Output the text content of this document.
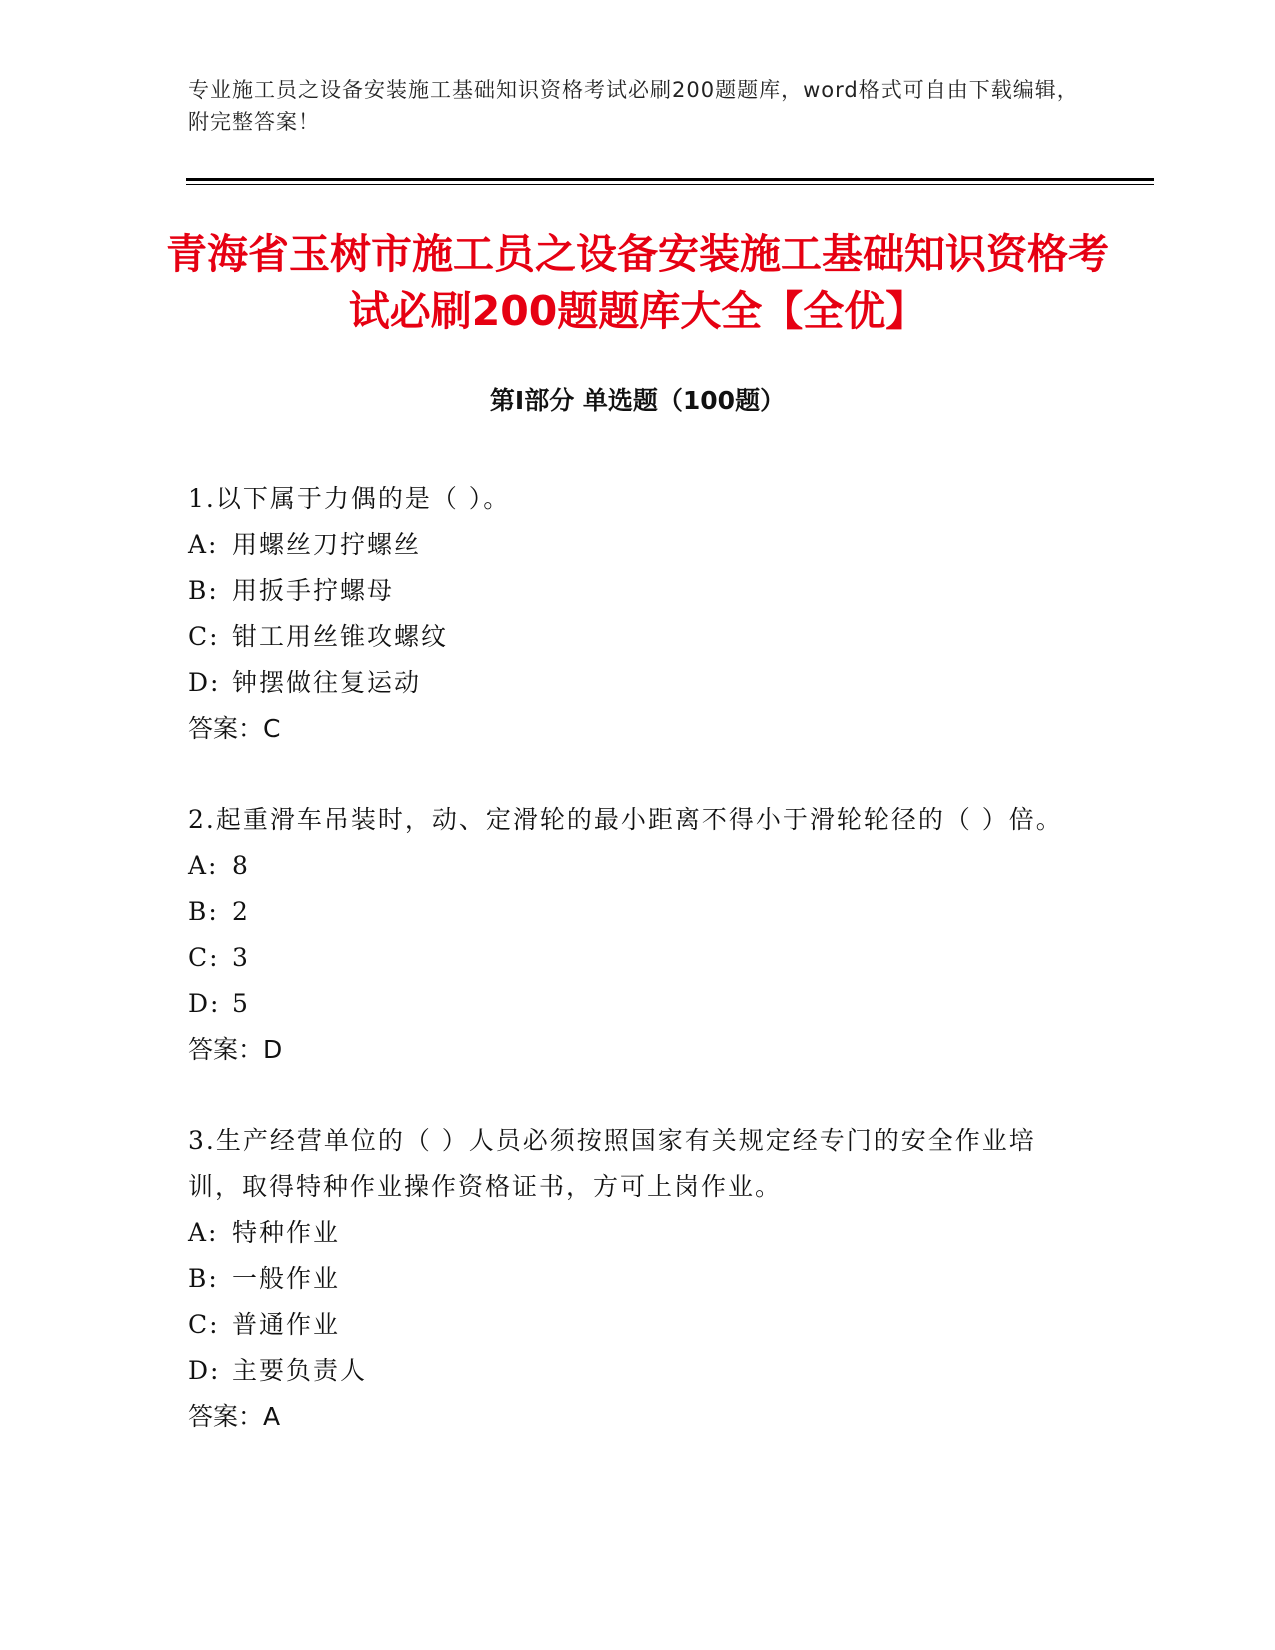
专业施工员之设备安装施工基础知识资格考试必刷200题题库，word格式可自由下载编辑，附完整答案！
青海省玉树市施工员之设备安装施工基础知识资格考试必刷200题题库大全【全优】
第Ⅰ部分 单选题（100题）

1.以下属于力偶的是（ ）。

A: 用螺丝刀拧螺丝

B: 用扳手拧螺母

C: 钳工用丝锥攻螺纹

D: 钟摆做往复运动

答案：C

2.起重滑车吊装时，动、定滑轮的最小距离不得小于滑轮轮径的（ ）倍。

A: 8

B: 2

C: 3

D: 5

答案：D

3.生产经营单位的（ ）人员必须按照国家有关规定经专门的安全作业培训，取得特种作业操作资格证书，方可上岗作业。

A: 特种作业

B: 一般作业

C: 普通作业

D: 主要负责人

答案：A
